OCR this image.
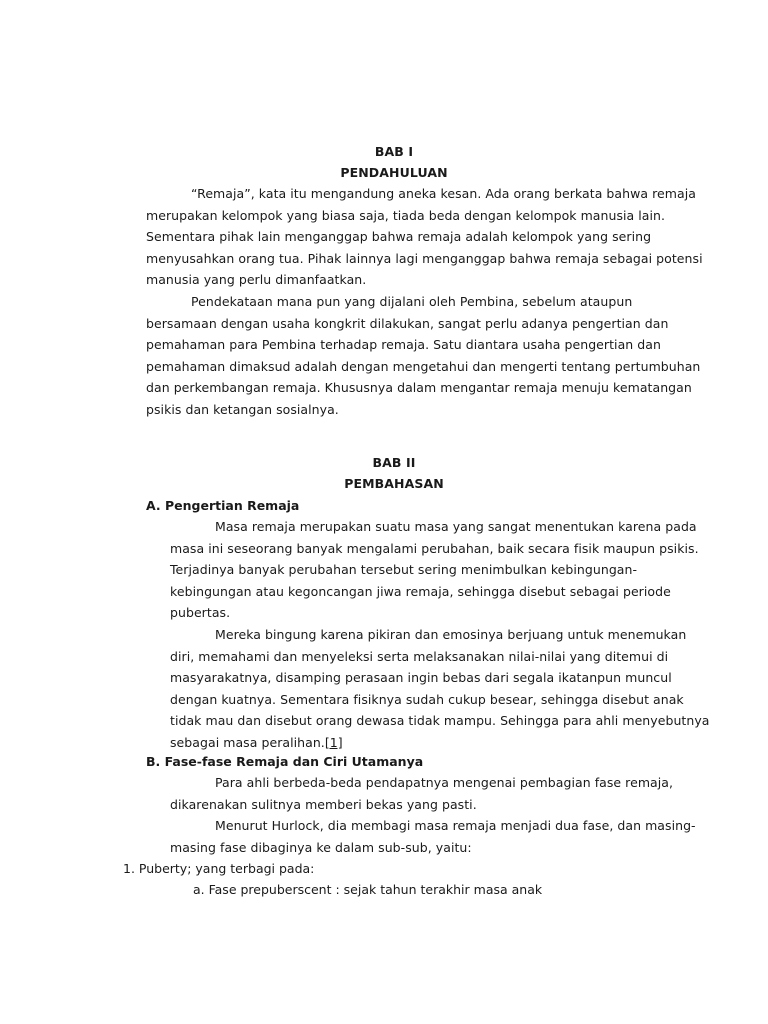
BAB I
PENDAHULUAN
“Remaja”, kata itu mengandung aneka kesan. Ada orang berkata bahwa remaja
merupakan kelompok yang biasa saja, tiada beda dengan kelompok manusia lain.
Sementara pihak lain menganggap bahwa remaja adalah kelompok yang sering
menyusahkan orang tua. Pihak lainnya lagi menganggap bahwa remaja sebagai potensi
manusia yang perlu dimanfaatkan.
Pendekataan mana pun yang dijalani oleh Pembina, sebelum ataupun
bersamaan dengan usaha kongkrit dilakukan, sangat perlu adanya pengertian dan
pemahaman para Pembina terhadap remaja. Satu diantara usaha pengertian dan
pemahaman dimaksud adalah dengan mengetahui dan mengerti tentang pertumbuhan
dan perkembangan remaja. Khususnya dalam mengantar remaja menuju kematangan
psikis dan ketangan sosialnya.
BAB II
PEMBAHASAN
A. Pengertian Remaja
Masa remaja merupakan suatu masa yang sangat menentukan karena pada
masa ini seseorang banyak mengalami perubahan, baik secara fisik maupun psikis.
Terjadinya banyak perubahan tersebut sering menimbulkan kebingungan-
kebingungan atau kegoncangan jiwa remaja, sehingga disebut sebagai periode
pubertas.
Mereka bingung karena pikiran dan emosinya berjuang untuk menemukan
diri, memahami dan menyeleksi serta melaksanakan nilai-nilai yang ditemui di
masyarakatnya, disamping perasaan ingin bebas dari segala ikatanpun muncul
dengan kuatnya. Sementara fisiknya sudah cukup besear, sehingga disebut anak
tidak mau dan disebut orang dewasa tidak mampu. Sehingga para ahli menyebutnya
sebagai masa peralihan.[1]
B. Fase-fase Remaja dan Ciri Utamanya
Para ahli berbeda-beda pendapatnya mengenai pembagian fase remaja,
dikarenakan sulitnya memberi bekas yang pasti.
Menurut Hurlock, dia membagi masa remaja menjadi dua fase, dan masing-
masing fase dibaginya ke dalam sub-sub, yaitu:
1. Puberty; yang terbagi pada:
a. Fase prepuberscent : sejak tahun terakhir masa anak
